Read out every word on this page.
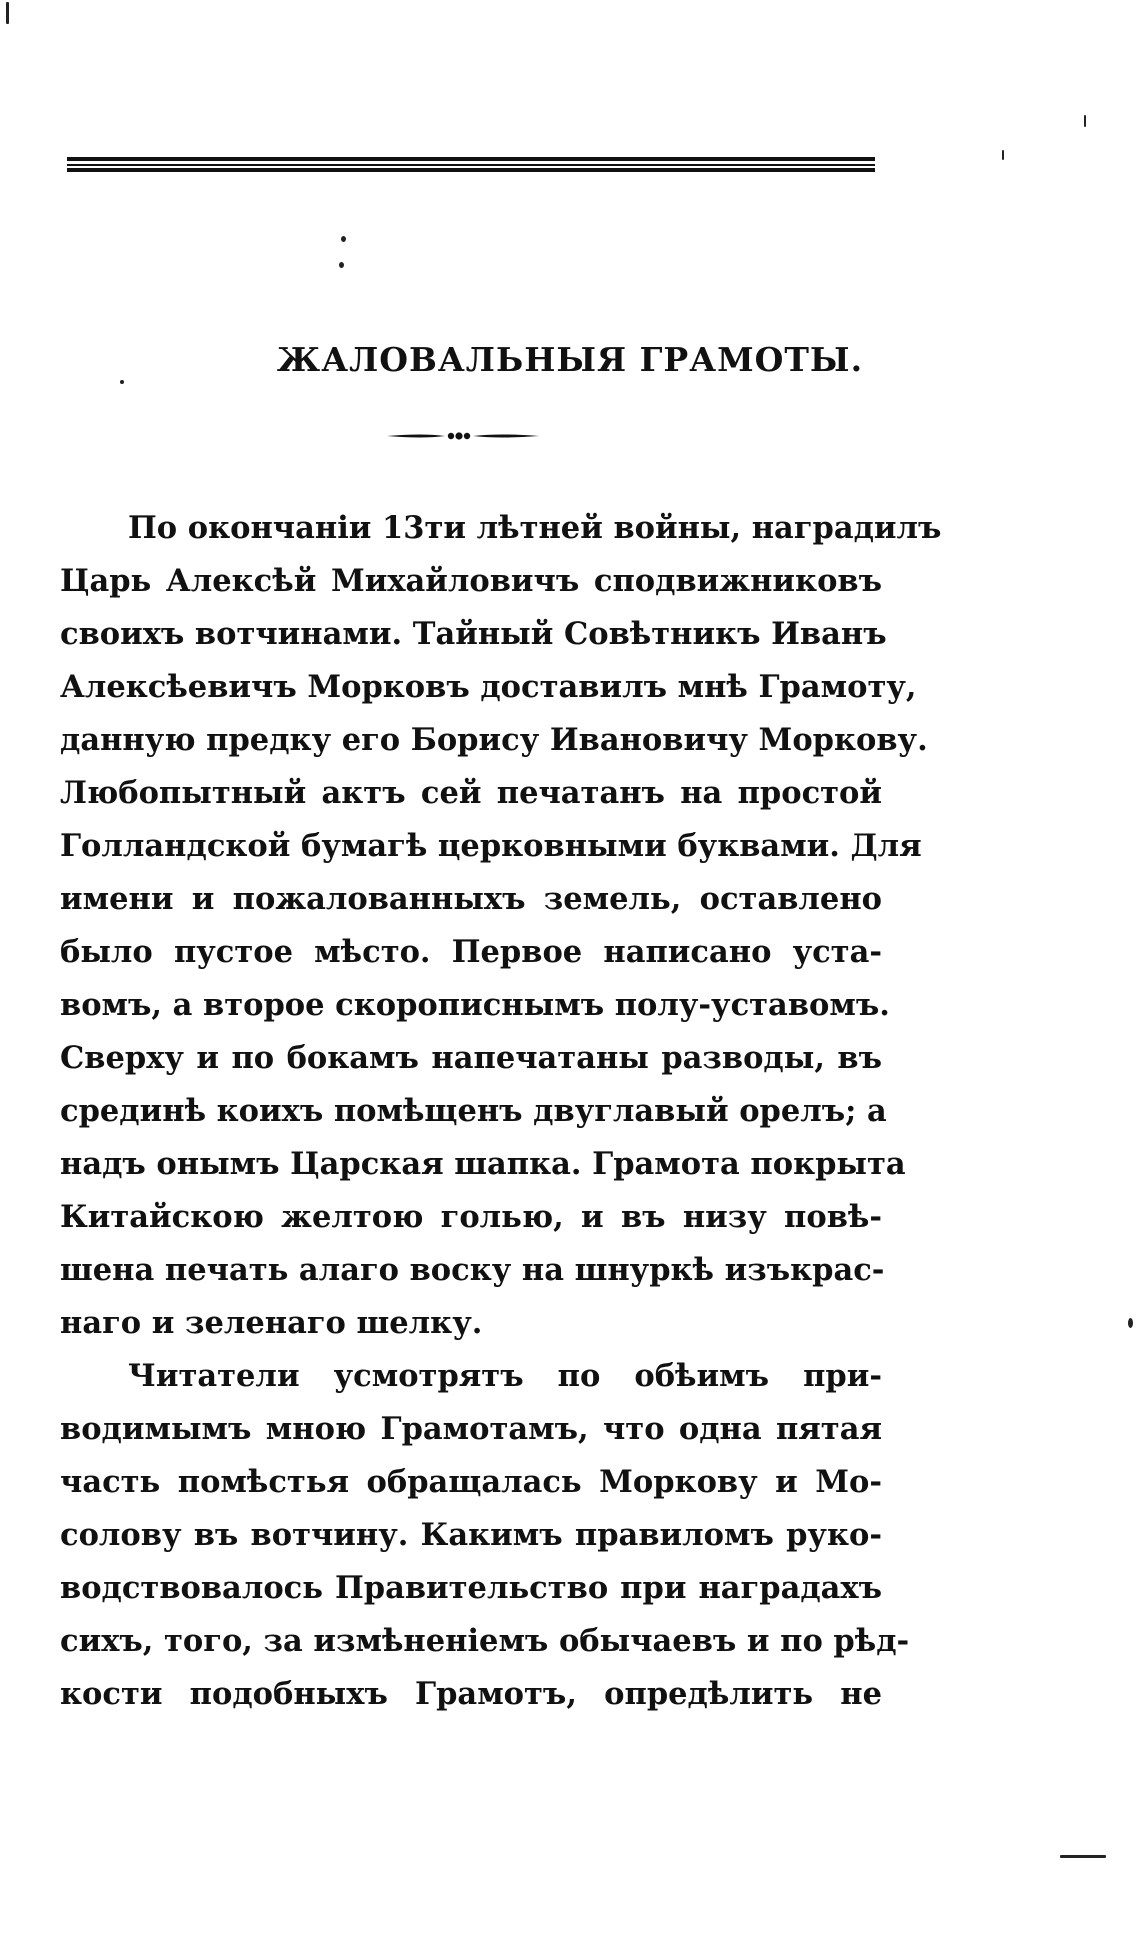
ЖАЛОВАЛЬНЫЯ ГРАМОТЫ.
По окончаніи 13ти лѣтней войны, наградилъ
Царь Алексѣй Михайловичъ сподвижниковъ
своихъ вотчинами. Тайный Совѣтникъ Иванъ
Алексѣевичъ Морковъ доставилъ мнѣ Грамоту,
данную предку его Борису Ивановичу Моркову.
Любопытный актъ сей печатанъ на простой
Голландской бумагѣ церковными буквами. Для
имени и пожалованныхъ земель, оставлено
было пустое мѣсто. Первое написано уста-
вомъ, а второе скорописнымъ полу-уставомъ.
Сверху и по бокамъ напечатаны разводы, въ
срединѣ коихъ помѣщенъ двуглавый орелъ; а
надъ онымъ Царская шапка. Грамота покрыта
Китайскою желтою голью, и въ низу повѣ-
шена печать алаго воску на шнуркѣ изъкрас-
наго и зеленаго шелку.
Читатели усмотрятъ по обѣимъ при-
водимымъ мною Грамотамъ, что одна пятая
часть помѣстья обращалась Моркову и Мо-
солову въ вотчину. Какимъ правиломъ руко-
водствовалось Правительство при наградахъ
сихъ, того, за измѣненіемъ обычаевъ и по рѣд-
кости подобныхъ Грамотъ, опредѣлить не
